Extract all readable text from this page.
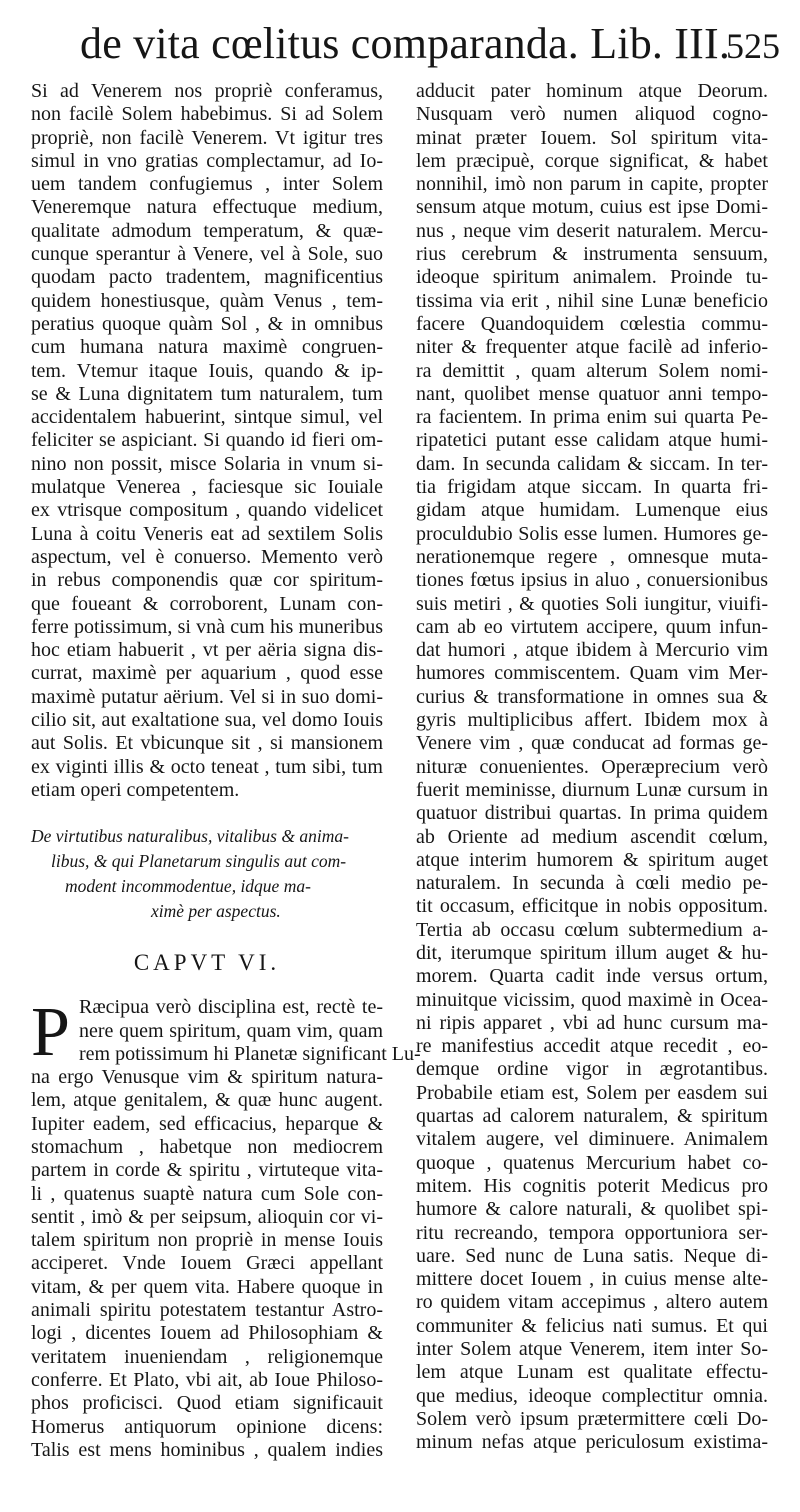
de vita cœlitus comparanda. Lib. III.
525
Si ad Venerem nos propriè conferamus,
non facilè Solem habebimus. Si ad Solem
propriè, non facilè Venerem. Vt igitur tres
simul in vno gratias complectamur, ad Io-
uem tandem confugiemus , inter Solem
Veneremque natura effectuque medium,
qualitate admodum temperatum, & quæ-
cunque sperantur à Venere, vel à Sole, suo
quodam pacto tradentem, magnificentius
quidem honestiusque, quàm Venus , tem-
peratius quoque quàm Sol , & in omnibus
cum humana natura maximè congruen-
tem. Vtemur itaque Iouis, quando & ip-
se & Luna dignitatem tum naturalem, tum
accidentalem habuerint, sintque simul, vel
feliciter se aspiciant. Si quando id fieri om-
nino non possit, misce Solaria in vnum si-
mulatque Venerea , faciesque sic Iouiale
ex vtrisque compositum , quando videlicet
Luna à coitu Veneris eat ad sextilem Solis
aspectum, vel è conuerso. Memento verò
in rebus componendis quæ cor spiritum-
que foueant & corroborent, Lunam con-
ferre potissimum, si vnà cum his muneribus
hoc etiam habuerit , vt per aëria signa dis-
currat, maximè per aquarium , quod esse
maximè putatur aërium. Vel si in suo domi-
cilio sit, aut exaltatione sua, vel domo Iouis
aut Solis. Et vbicunque sit , si mansionem
ex viginti illis & octo teneat , tum sibi, tum
etiam operi competentem.
De virtutibus naturalibus, vitalibus & anima-
libus, & qui Planetarum singulis aut com-
modent incommodentue, idque ma-
ximè per aspectus.
CAPVT VI.
P Ræcipua verò disciplina est, rectè te-
nere quem spiritum, quam vim, quam
rem potissimum hi Planetæ significant Lu-
na ergo Venusque vim & spiritum natura-
lem, atque genitalem, & quæ hunc augent.
Iupiter eadem, sed efficacius, heparque &
stomachum , habetque non mediocrem
partem in corde & spiritu , virtuteque vita-
li , quatenus suaptè natura cum Sole con-
sentit , imò & per seipsum, alioquin cor vi-
talem spiritum non propriè in mense Iouis
acciperet. Vnde Iouem Græci appellant
vitam, & per quem vita. Habere quoque in
animali spiritu potestatem testantur Astro-
logi , dicentes Iouem ad Philosophiam &
veritatem inueniendam , religionemque
conferre. Et Plato, vbi ait, ab Ioue Philoso-
phos proficisci. Quod etiam significauit
Homerus antiquorum opinione dicens:
Talis est mens hominibus , qualem indies
adducit pater hominum atque Deorum.
Nusquam verò numen aliquod cogno-
minat præter Iouem. Sol spiritum vita-
lem præcipuè, corque significat, & habet
nonnihil, imò non parum in capite, propter
sensum atque motum, cuius est ipse Domi-
nus , neque vim deserit naturalem. Mercu-
rius cerebrum & instrumenta sensuum,
ideoque spiritum animalem. Proinde tu-
tissima via erit , nihil sine Lunæ beneficio
facere Quandoquidem cœlestia commu-
niter & frequenter atque facilè ad inferio-
ra demittit , quam alterum Solem nomi-
nant, quolibet mense quatuor anni tempo-
ra facientem. In prima enim sui quarta Pe-
ripatetici putant esse calidam atque humi-
dam. In secunda calidam & siccam. In ter-
tia frigidam atque siccam. In quarta fri-
gidam atque humidam. Lumenque eius
proculdubio Solis esse lumen. Humores ge-
nerationemque regere , omnesque muta-
tiones fœtus ipsius in aluo , conuersionibus
suis metiri , & quoties Soli iungitur, viuifi-
cam ab eo virtutem accipere, quum infun-
dat humori , atque ibidem à Mercurio vim
humores commiscentem. Quam vim Mer-
curius & transformatione in omnes sua &
gyris multiplicibus affert. Ibidem mox à
Venere vim , quæ conducat ad formas ge-
nituræ conuenientes. Operæprecium verò
fuerit meminisse, diurnum Lunæ cursum in
quatuor distribui quartas. In prima quidem
ab Oriente ad medium ascendit cœlum,
atque interim humorem & spiritum auget
naturalem. In secunda à cœli medio pe-
tit occasum, efficitque in nobis oppositum.
Tertia ab occasu cœlum subtermedium a-
dit, iterumque spiritum illum auget & hu-
morem. Quarta cadit inde versus ortum,
minuitque vicissim, quod maximè in Ocea-
ni ripis apparet , vbi ad hunc cursum ma-
re manifestius accedit atque recedit , eo-
demque ordine vigor in ægrotantibus.
Probabile etiam est, Solem per easdem sui
quartas ad calorem naturalem, & spiritum
vitalem augere, vel diminuere. Animalem
quoque , quatenus Mercurium habet co-
mitem. His cognitis poterit Medicus pro
humore & calore naturali, & quolibet spi-
ritu recreando, tempora opportuniora ser-
uare. Sed nunc de Luna satis. Neque di-
mittere docet Iouem , in cuius mense alte-
ro quidem vitam accepimus , altero autem
communiter & felicius nati sumus. Et qui
inter Solem atque Venerem, item inter So-
lem atque Lunam est qualitate effectu-
que medius, ideoque complectitur omnia.
Solem verò ipsum prætermittere cœli Do-
minum nefas atque periculosum existima-
